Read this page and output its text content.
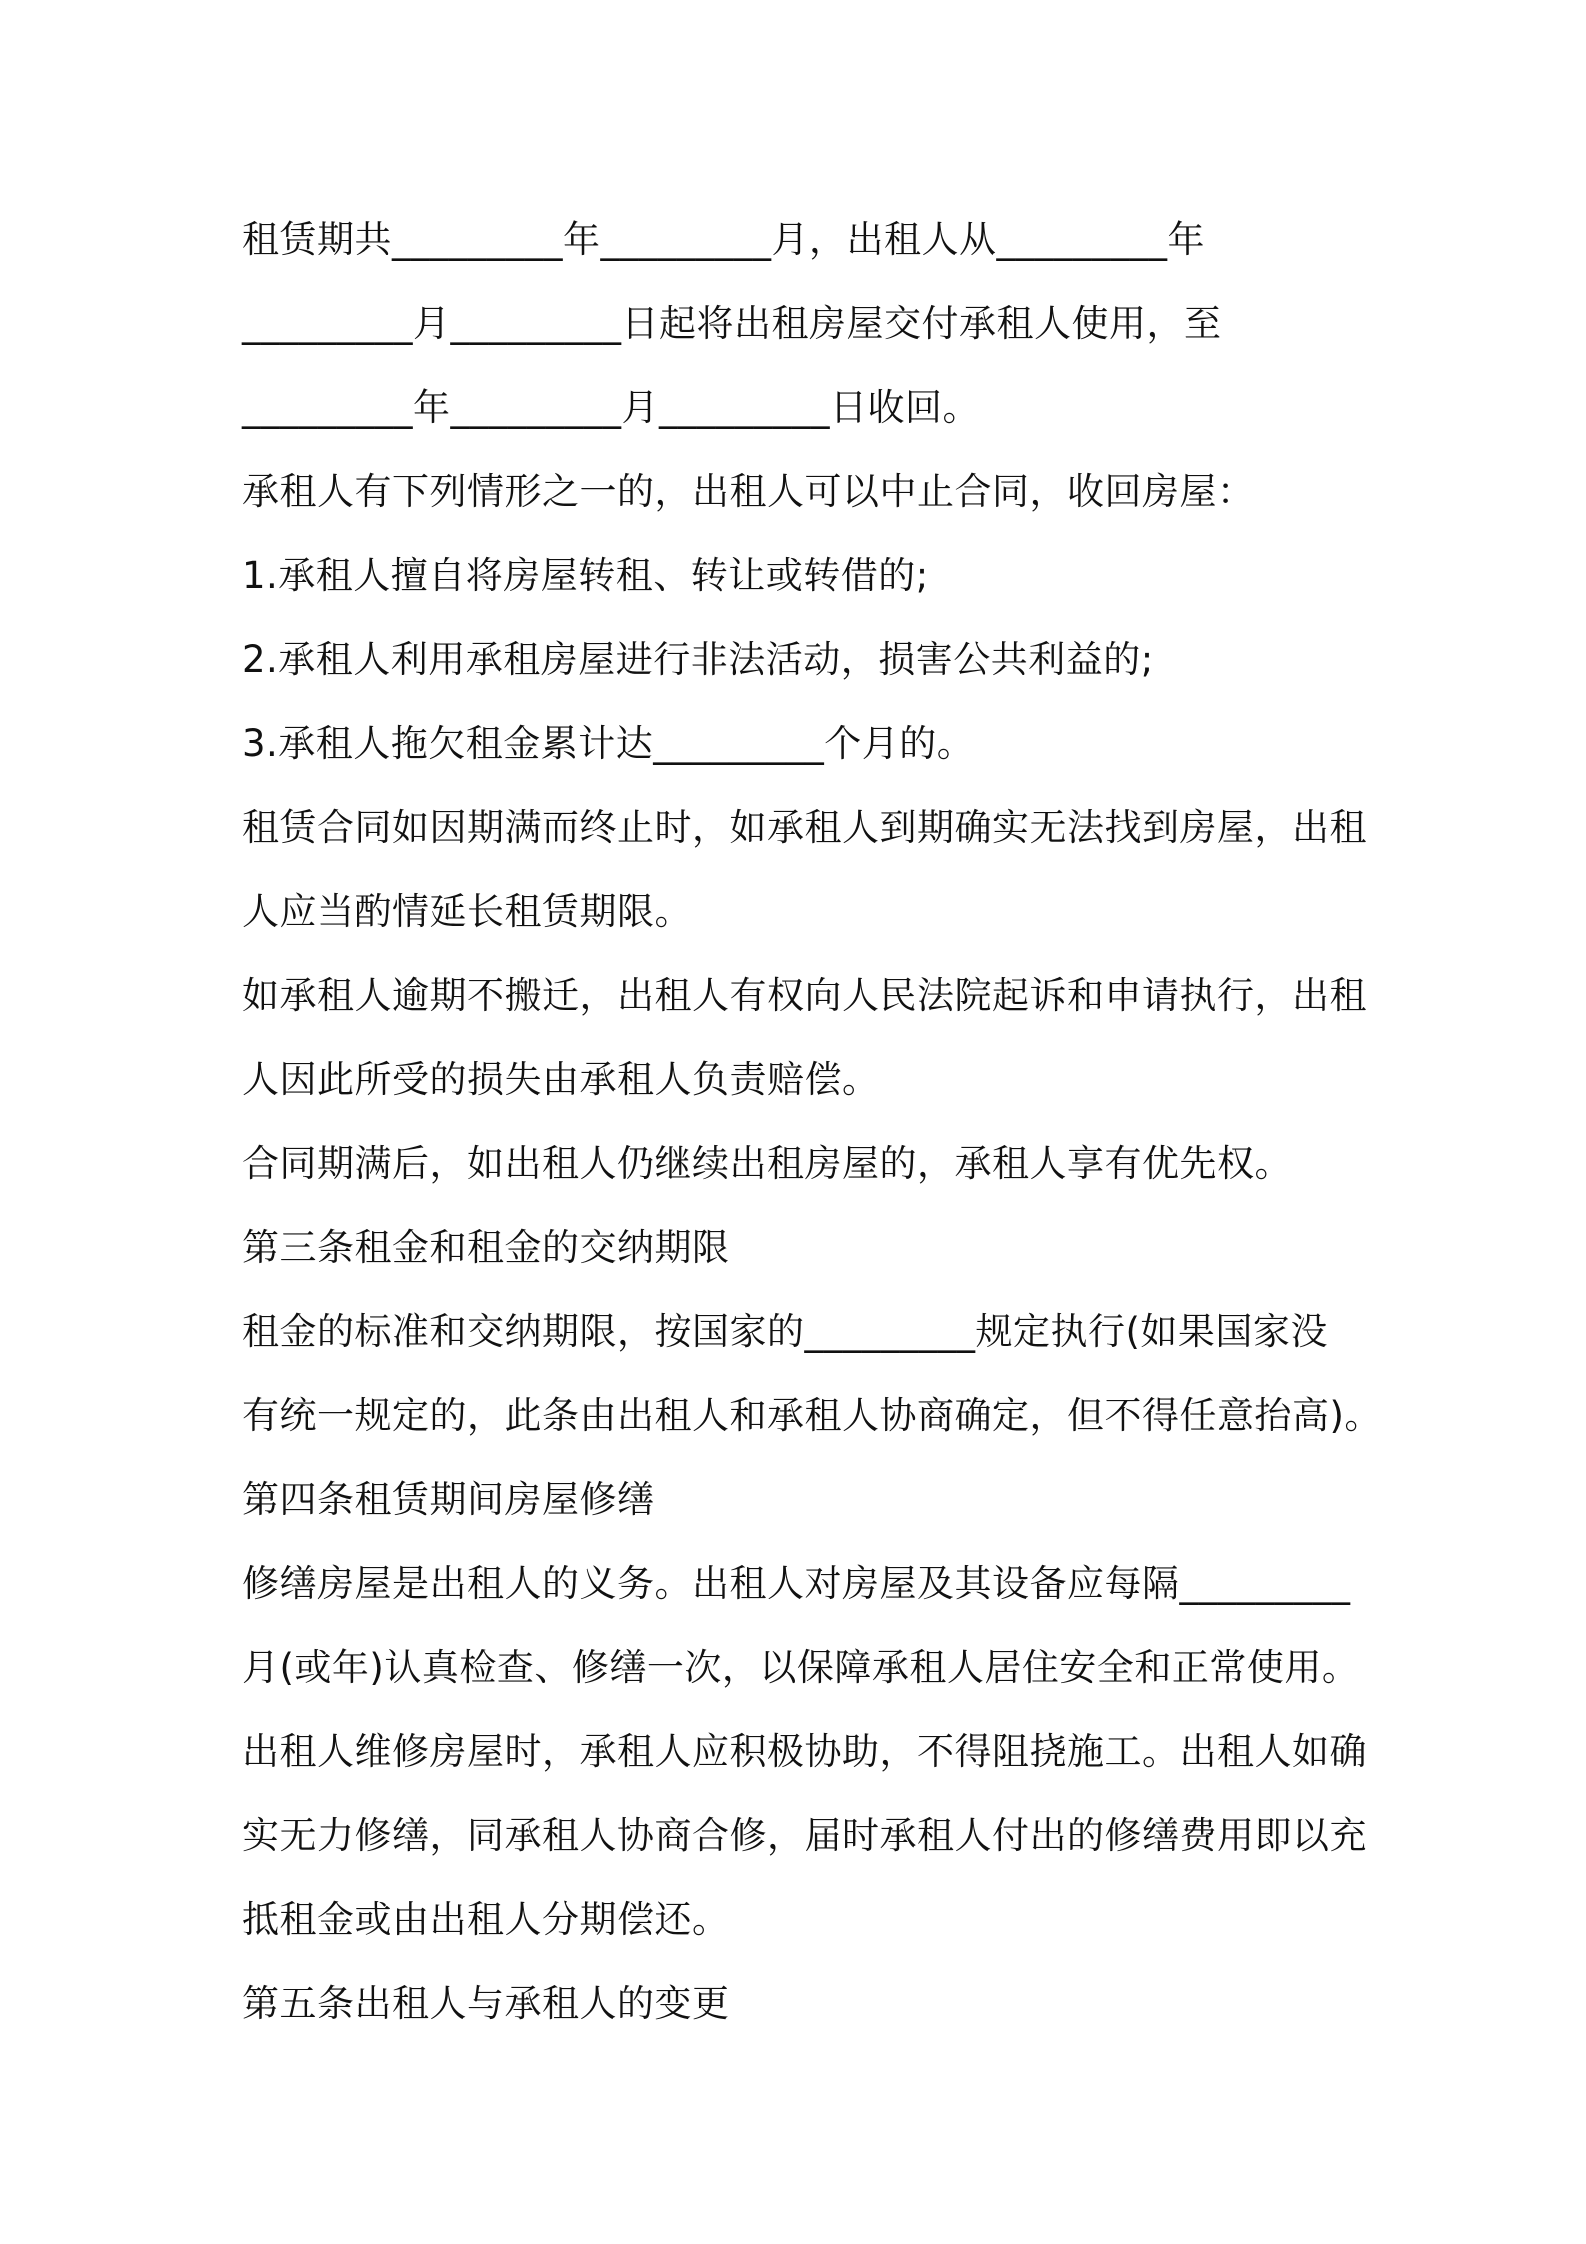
租赁期共_________年_________月，出租人从_________年
_________月_________日起将出租房屋交付承租人使用，至
_________年_________月_________日收回。
承租人有下列情形之一的，出租人可以中止合同，收回房屋：
1.承租人擅自将房屋转租、转让或转借的;
2.承租人利用承租房屋进行非法活动，损害公共利益的;
3.承租人拖欠租金累计达_________个月的。
租赁合同如因期满而终止时，如承租人到期确实无法找到房屋，出租
人应当酌情延长租赁期限。
如承租人逾期不搬迁，出租人有权向人民法院起诉和申请执行，出租
人因此所受的损失由承租人负责赔偿。
合同期满后，如出租人仍继续出租房屋的，承租人享有优先权。
第三条租金和租金的交纳期限
租金的标准和交纳期限，按国家的_________规定执行(如果国家没
有统一规定的，此条由出租人和承租人协商确定，但不得任意抬高)。
第四条租赁期间房屋修缮
修缮房屋是出租人的义务。出租人对房屋及其设备应每隔_________
月(或年)认真检查、修缮一次，以保障承租人居住安全和正常使用。
出租人维修房屋时，承租人应积极协助，不得阻挠施工。出租人如确
实无力修缮，同承租人协商合修，届时承租人付出的修缮费用即以充
抵租金或由出租人分期偿还。
第五条出租人与承租人的变更
